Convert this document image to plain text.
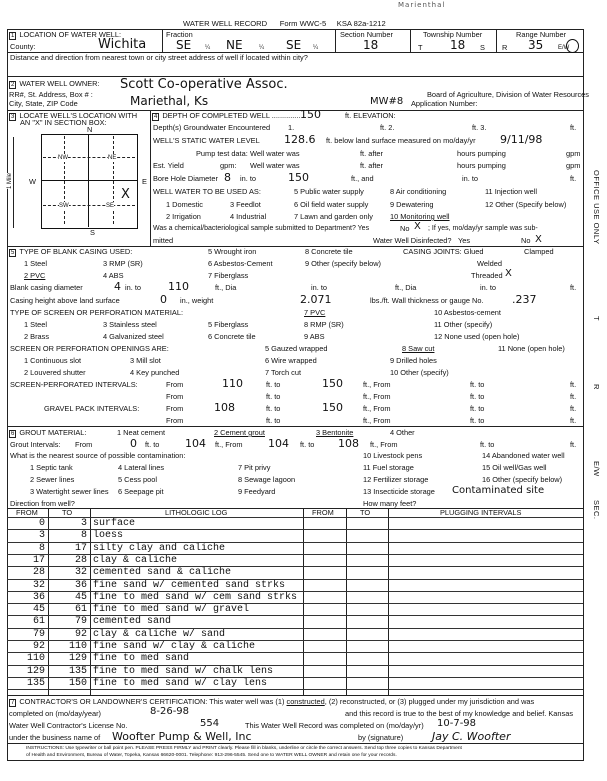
Marienthal
WATER WELL RECORD Form WWC-5 KSA 82a-1212
1 LOCATION OF WATER WELL:
County:	Wichita
Fraction
SE ¼ NE	¼ SE ¼
Section Number
18
Township Number
T 18 S
Range Number
R 35 E/W
Distance and direction from nearest town or city street address of well if located within city?
2 WATER WELL OWNER: Scott Co-operative Assoc.
RR#, St. Address, Box # :	Board of Agriculture, Division of Water Resources
City, State, ZIP Code	Mariethal, Ks	MW#8 Application Number:
3 LOCATE WELL'S LOCATION WITH
AN "X" IN SECTION BOX:
N
NW	NE
SW	SE
W	E
S
X
1 Mile
4 DEPTH OF COMPLETED WELL .............. 150	ft. ELEVATION:
Depth(s) Groundwater Encountered 1.	ft. 2.	ft. 3.	ft.
WELL'S STATIC WATER LEVEL 128.6 ft. below land surface measured on mo/day/yr 9/11/98
Pump test data: Well water was	ft. after	hours pumping	gpm
Est. Yield	gpm: Well water was	ft. after	hours pumping	gpm
Bore Hole Diameter 8 in. to	150	ft., and	in. to	ft.
WELL WATER TO BE USED AS:	5 Public water supply	8 Air conditioning	11 Injection well
1 Domestic	3 Feedlot	6 Oil field water supply	9 Dewatering	12 Other (Specify below)
2 Irrigation	4 Industrial	7 Lawn and garden only 10 Monitoring well
Was a chemical/bacteriological sample submitted to Department? Yes	No X ; If yes, mo/day/yr sample was sub-
mitted	Water Well Disinfected? Yes	No X
5 TYPE OF BLANK CASING USED:	5 Wrought iron	8 Concrete tile	CASING JOINTS: Glued	Clamped
1 Steel	3 RMP (SR)	6 Asbestos-Cement	9 Other (specify below)	Welded
2 PVC	4 ABS	7 Fiberglass	Threaded X
Blank casing diameter	4 in. to 110	ft., Dia	in. to	ft., Dia	in. to	ft.
Casing height above land surface	0 in., weight	2.071	lbs./ft. Wall thickness or gauge No.	.237
TYPE OF SCREEN OR PERFORATION MATERIAL:	7 PVC	10 Asbestos-cement
1 Steel	3 Stainless steel	5 Fiberglass	8 RMP (SR)	11 Other (specify)
2 Brass	4 Galvanized steel	6 Concrete tile	9 ABS	12 None used (open hole)
SCREEN OR PERFORATION OPENINGS ARE:	5 Gauzed wrapped	8 Saw cut	11 None (open hole)
1 Continuous slot	3 Mill slot	6 Wire wrapped	9 Drilled holes
2 Louvered shutter	4 Key punched	7 Torch cut	10 Other (specify)
SCREEN-PERFORATED INTERVALS:	From	110	ft. to	150	ft., From	ft. to	ft.
From	ft. to	ft., From	ft. to	ft.
GRAVEL PACK INTERVALS:	From	108	ft. to	150	ft., From	ft. to	ft.
From	ft. to	ft., From	ft. to	ft.
6 GROUT MATERIAL:	1 Neat cement	2 Cement grout	3 Bentonite	4 Other
Grout Intervals: From	0 ft. to 104 ft., From 104 ft. to 108 ft., From	ft. to	ft.
What is the nearest source of possible contamination:	10 Livestock pens	14 Abandoned water well
1 Septic tank	4 Lateral lines	7 Pit privy	11 Fuel storage	15 Oil well/Gas well
2 Sewer lines	5 Cess pool	8 Sewage lagoon	12 Fertilizer storage	16 Other (specify below)
3 Watertight sewer lines 6 Seepage pit	9 Feedyard	13 Insecticide storage Contaminated site
Direction from well?	How many feet?
FROM	TO	LITHOLOGIC LOG	FROM	TO	PLUGGING INTERVALS
0	3 surface
3	8 loess
8	17 silty clay and caliche
17	28 clay & caliche
28	32 cemented sand & caliche
32	36 fine sand w/ cemented sand strks
36	45 fine to med sand w/ cem sand strks
45	61 fine to med sand w/ gravel
61	79 cemented sand
79	92 clay & caliche w/ sand
92	110 fine sand w/ clay & caliche
110	129 fine to med sand
129	135 fine to med sand w/ chalk lens
135	150 fine to med sand w/ clay lens
7 CONTRACTOR'S OR LANDOWNER'S CERTIFICATION: This water well was (1) constructed, (2) reconstructed, or (3) plugged under my jurisdiction and was
completed on (mo/day/year)	8-26-98	and this record is true to the best of my knowledge and belief. Kansas
Water Well Contractor's License No.	554	This Water Well Record was completed on (mo/day/yr) 10-7-98
under the business name of Woofter Pump & Well, Inc	by (signature)	Jay C. Woofter
INSTRUCTIONS: Use typewriter or ball point pen. PLEASE PRESS FIRMLY and PRINT clearly. Please fill in blanks, underline or circle the correct answers. Send top three copies to Kansas Department
of Health and Environment, Bureau of Water, Topeka, Kansas 66620-0001. Telephone: 913-296-5545. Send one to WATER WELL OWNER and retain one for your records.
OFFICE USE ONLY
T
R
E/W
SEC.
